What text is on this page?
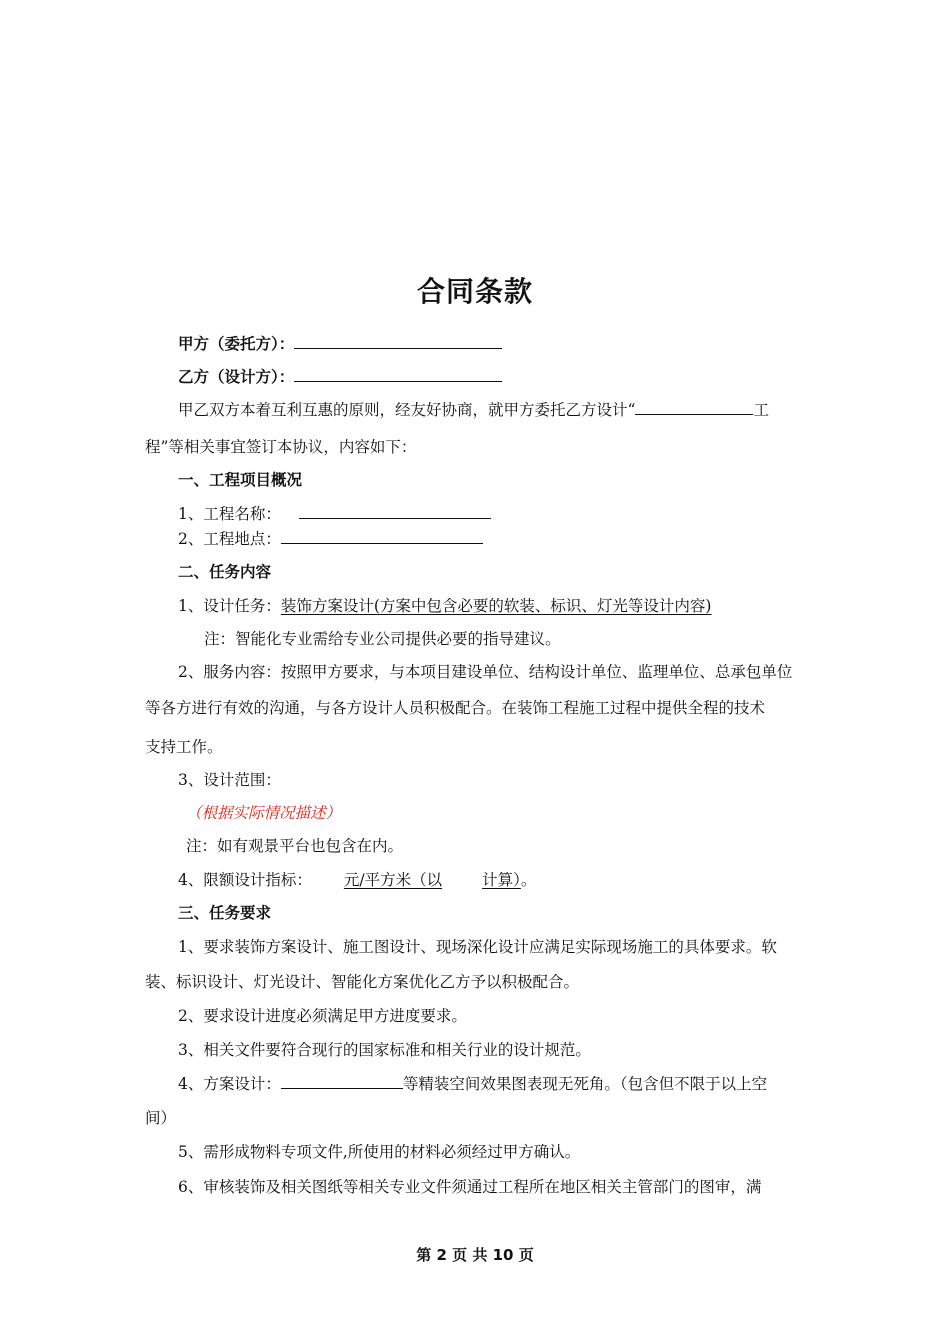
合同条款
甲方（委托方）：
乙方（设计方）：
甲乙双方本着互利互惠的原则，经友好协商，就甲方委托乙方设计“	工
程”等相关事宜签订本协议，内容如下：
一、工程项目概况
1、工程名称：
2、工程地点：
二、任务内容
1、设计任务：装饰方案设计(方案中包含必要的软装、标识、灯光等设计内容)
注：智能化专业需给专业公司提供必要的指导建议。
2、服务内容：按照甲方要求，与本项目建设单位、结构设计单位、监理单位、总承包单位
等各方进行有效的沟通，与各方设计人员积极配合。在装饰工程施工过程中提供全程的技术
支持工作。
3、设计范围：
（根据实际情况描述）
注：如有观景平台也包含在内。
4、限额设计指标： 元/平方米（以	计算）。
三、任务要求
1、要求装饰方案设计、施工图设计、现场深化设计应满足实际现场施工的具体要求。软
装、标识设计、灯光设计、智能化方案优化乙方予以积极配合。
2、要求设计进度必须满足甲方进度要求。
3、相关文件要符合现行的国家标准和相关行业的设计规范。
4、方案设计：	等精装空间效果图表现无死角。（包含但不限于以上空
间）
5、需形成物料专项文件,所使用的材料必须经过甲方确认。
6、审核装饰及相关图纸等相关专业文件须通过工程所在地区相关主管部门的图审，满
第 2 页 共 10 页
